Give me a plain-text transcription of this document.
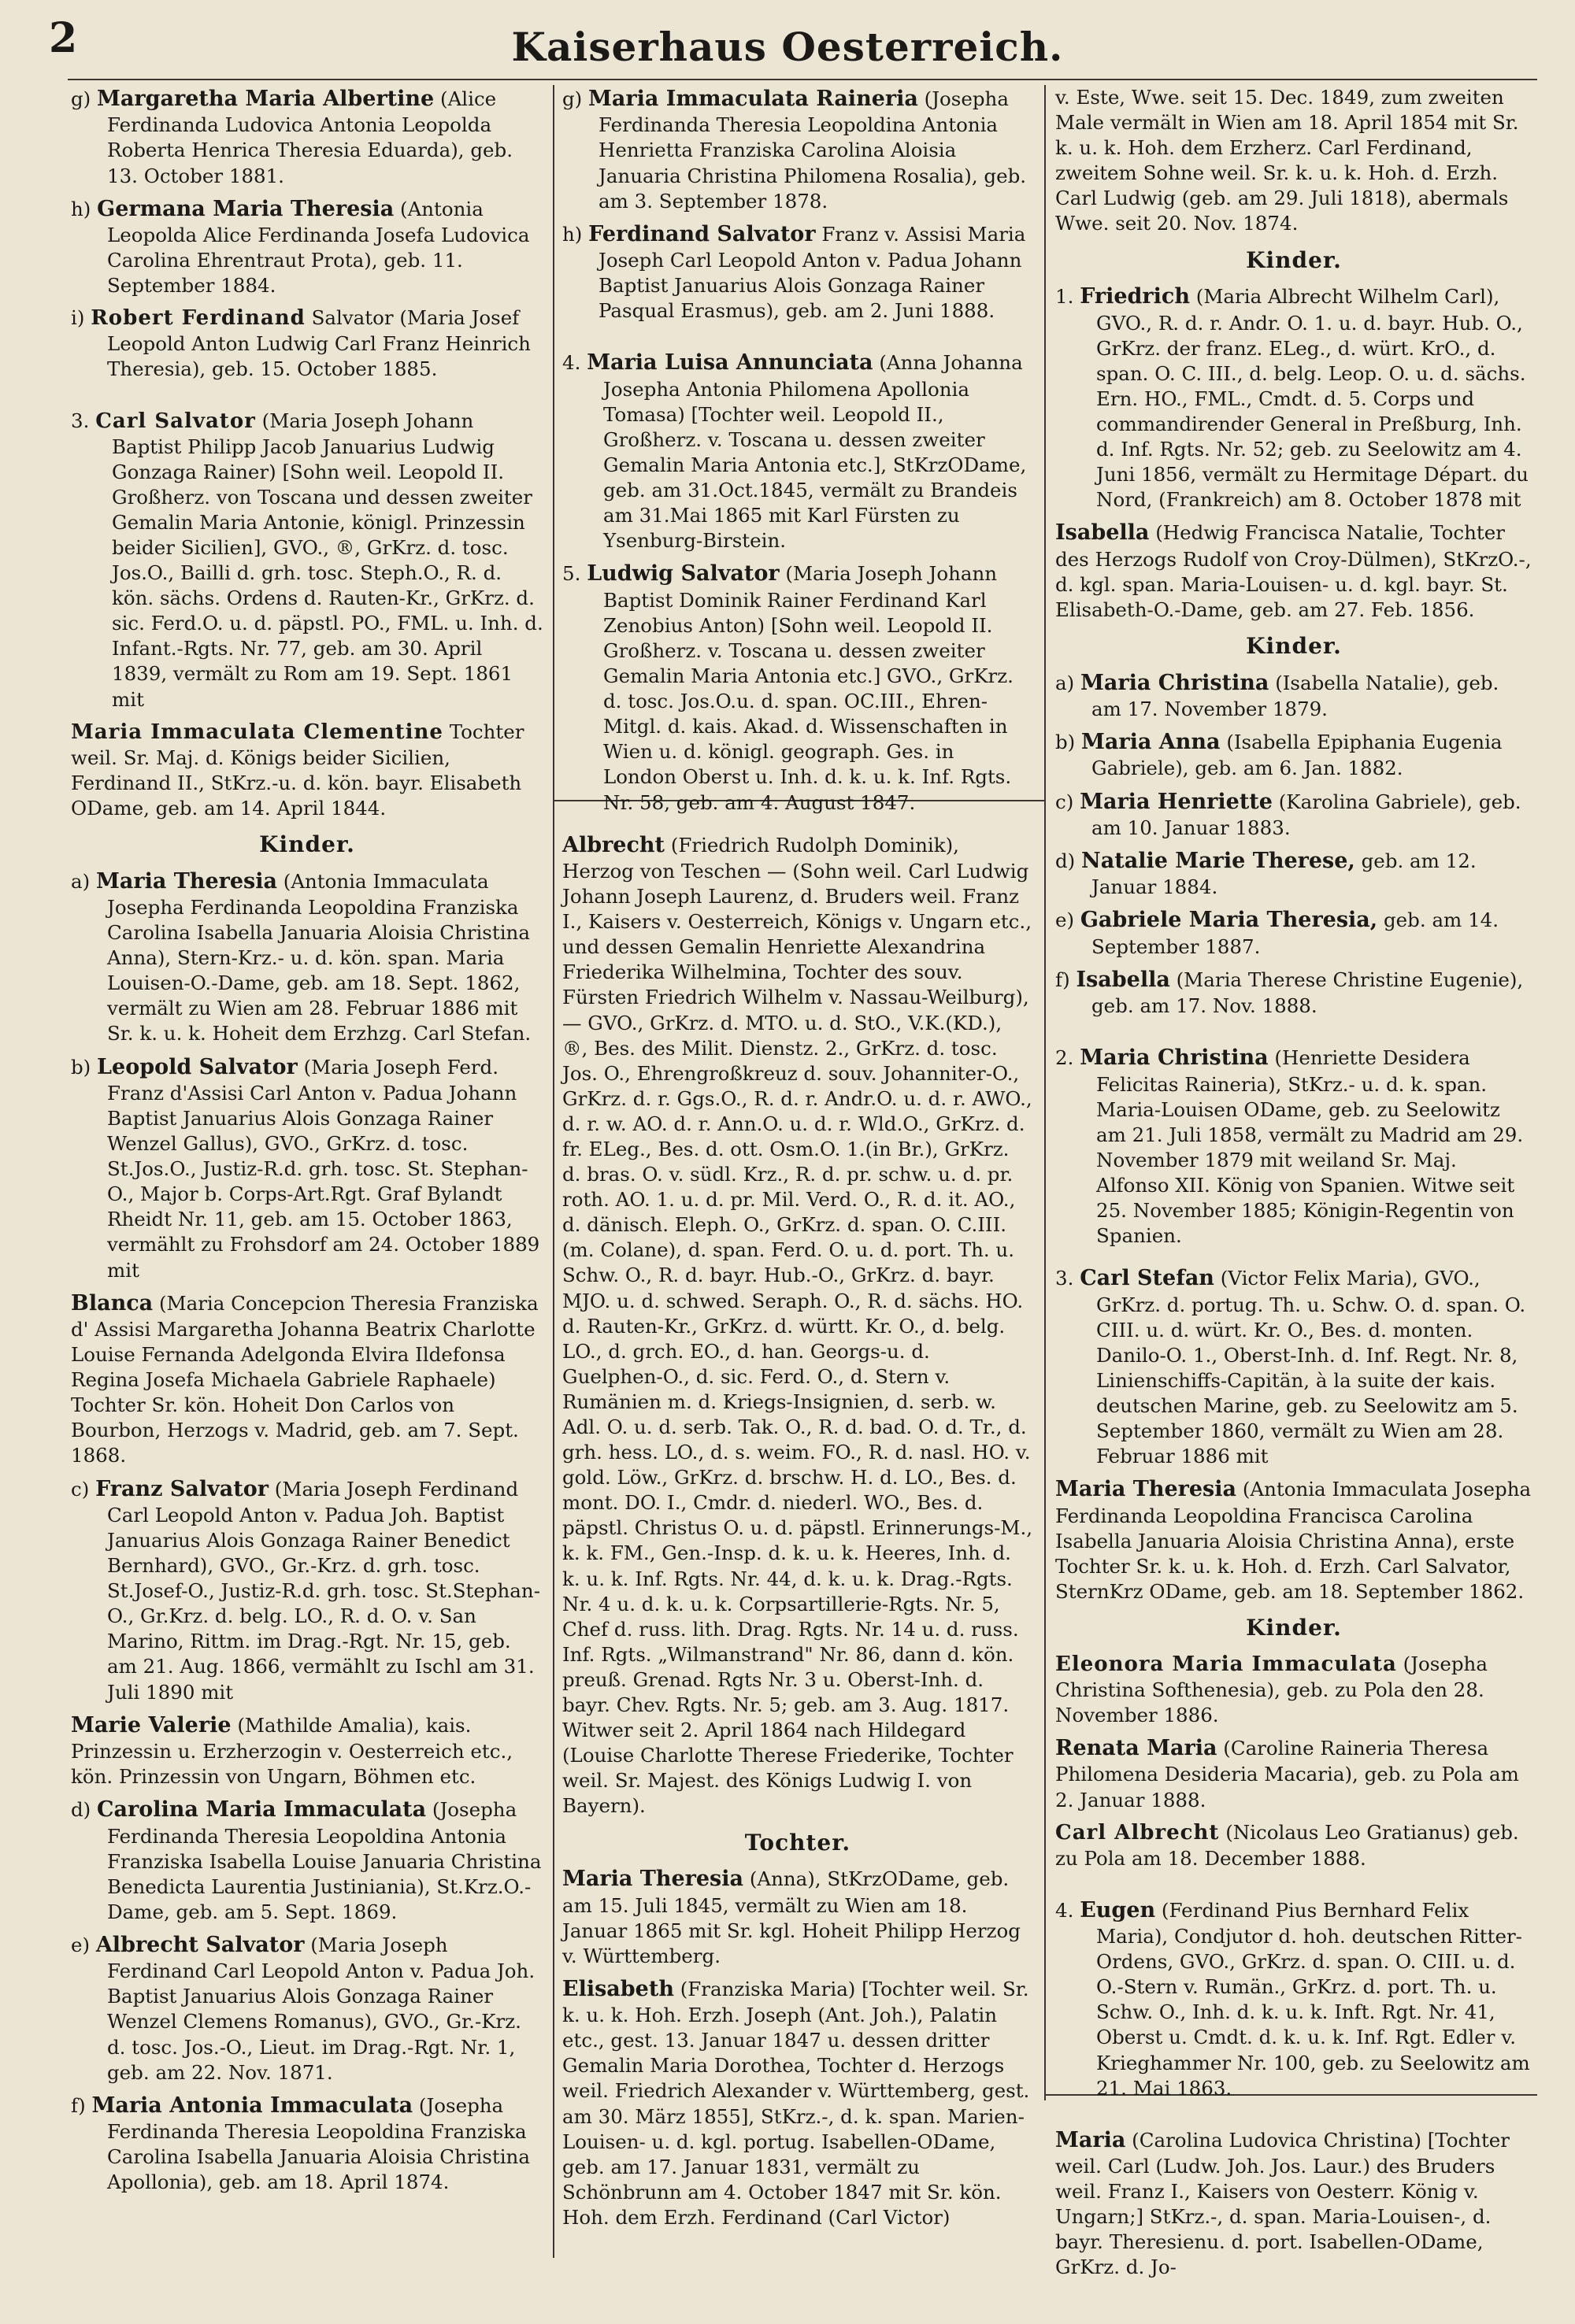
2	Kaiserhaus Oesterreich.

g) Margaretha Maria Albertine (Alice Ferdinanda Ludovica Antonia Leopolda Roberta Henrica Theresia Eduarda), geb. 13. October 1881.

h) Germana Maria Theresia (Antonia Leopolda Alice Ferdinanda Josefa Ludovica Carolina Ehrentraut Prota), geb. 11. September 1884.

i) Robert Ferdinand Salvator (Maria Josef Leopold Anton Ludwig Carl Franz Heinrich Theresia), geb. 15. October 1885.

3. Carl Salvator (Maria Joseph Johann Baptist Philipp Jacob Januarius Ludwig Gonzaga Rainer) [Sohn weil. Leopold II. Großherz. von Toscana und dessen zweiter Gemalin Maria Antonie, königl. Prinzessin beider Sicilien], GVO., ®, GrKrz. d. tosc. Jos.O., Bailli d. grh. tosc. Steph.O., R. d. kön. sächs. Ordens d. Rauten-Kr., GrKrz. d. sic. Ferd.O. u. d. päpstl. PO., FML. u. Inh. d. Infant.-Rgts. Nr. 77, geb. am 30. April 1839, vermält zu Rom am 19. Sept. 1861 mit

Maria Immaculata Clementine Tochter weil. Sr. Maj. d. Königs beider Sicilien, Ferdinand II., StKrz.-u. d. kön. bayr. Elisabeth ODame, geb. am 14. April 1844.

Kinder.

a) Maria Theresia (Antonia Immaculata Josepha Ferdinanda Leopoldina Franziska Carolina Isabella Januaria Aloisia Christina Anna), Stern-Krz.- u. d. kön. span. Maria Louisen-O.-Dame, geb. am 18. Sept. 1862, vermält zu Wien am 28. Februar 1886 mit Sr. k. u. k. Hoheit dem Erzhzg. Carl Stefan.

b) Leopold Salvator (Maria Joseph Ferd. Franz d'Assisi Carl Anton v. Padua Johann Baptist Januarius Alois Gonzaga Rainer Wenzel Gallus), GVO., GrKrz. d. tosc. St.Jos.O., Justiz-R.d. grh. tosc. St. Stephan-O., Major b. Corps-Art.Rgt. Graf Bylandt Rheidt Nr. 11, geb. am 15. October 1863, vermählt zu Frohsdorf am 24. October 1889 mit

Blanca (Maria Concepcion Theresia Franziska d' Assisi Margaretha Johanna Beatrix Charlotte Louise Fernanda Adelgonda Elvira Ildefonsa Regina Josefa Michaela Gabriele Raphaele) Tochter Sr. kön. Hoheit Don Carlos von Bourbon, Herzogs v. Madrid, geb. am 7. Sept. 1868.

c) Franz Salvator (Maria Joseph Ferdinand Carl Leopold Anton v. Padua Joh. Baptist Januarius Alois Gonzaga Rainer Benedict Bernhard), GVO., Gr.-Krz. d. grh. tosc. St.Josef-O., Justiz-R.d. grh. tosc. St.Stephan-O., Gr.Krz. d. belg. LO., R. d. O. v. San Marino, Rittm. im Drag.-Rgt. Nr. 15, geb. am 21. Aug. 1866, vermählt zu Ischl am 31. Juli 1890 mit

Marie Valerie (Mathilde Amalia), kais. Prinzessin u. Erzherzogin v. Oesterreich etc., kön. Prinzessin von Ungarn, Böhmen etc.

d) Carolina Maria Immaculata (Josepha Ferdinanda Theresia Leopoldina Antonia Franziska Isabella Louise Januaria Christina Benedicta Laurentia Justiniania), St.Krz.O.-Dame, geb. am 5. Sept. 1869.

e) Albrecht Salvator (Maria Joseph Ferdinand Carl Leopold Anton v. Padua Joh. Baptist Januarius Alois Gonzaga Rainer Wenzel Clemens Romanus), GVO., Gr.-Krz. d. tosc. Jos.-O., Lieut. im Drag.-Rgt. Nr. 1, geb. am 22. Nov. 1871.

f) Maria Antonia Immaculata (Josepha Ferdinanda Theresia Leopoldina Franziska Carolina Isabella Januaria Aloisia Christina Apollonia), geb. am 18. April 1874.

g) Maria Immaculata Raineria (Josepha Ferdinanda Theresia Leopoldina Antonia Henrietta Franziska Carolina Aloisia Januaria Christina Philomena Rosalia), geb. am 3. September 1878.

h) Ferdinand Salvator Franz v. Assisi Maria Joseph Carl Leopold Anton v. Padua Johann Baptist Januarius Alois Gonzaga Rainer Pasqual Erasmus), geb. am 2. Juni 1888.

4. Maria Luisa Annunciata (Anna Johanna Josepha Antonia Philomena Apollonia Tomasa) [Tochter weil. Leopold II., Großherz. v. Toscana u. dessen zweiter Gemalin Maria Antonia etc.], StKrzODame, geb. am 31.Oct.1845, vermält zu Brandeis am 31.Mai 1865 mit Karl Fürsten zu Ysenburg-Birstein.

5. Ludwig Salvator (Maria Joseph Johann Baptist Dominik Rainer Ferdinand Karl Zenobius Anton) [Sohn weil. Leopold II. Großherz. v. Toscana u. dessen zweiter Gemalin Maria Antonia etc.] GVO., GrKrz. d. tosc. Jos.O.u. d. span. OC.III., Ehren-Mitgl. d. kais. Akad. d. Wissenschaften in Wien u. d. königl. geograph. Ges. in London Oberst u. Inh. d. k. u. k. Inf. Rgts. Nr. 58, geb. am 4. August 1847.

Albrecht (Friedrich Rudolph Dominik), Herzog von Teschen — (Sohn weil. Carl Ludwig Johann Joseph Laurenz, d. Bruders weil. Franz I., Kaisers v. Oesterreich, Königs v. Ungarn etc., und dessen Gemalin Henriette Alexandrina Friederika Wilhelmina, Tochter des souv. Fürsten Friedrich Wilhelm v. Nassau-Weilburg), — GVO., GrKrz. d. MTO. u. d. StO., V.K.(KD.), ®, Bes. des Milit. Dienstz. 2., GrKrz. d. tosc. Jos. O., Ehrengroßkreuz d. souv. Johanniter-O., GrKrz. d. r. Ggs.O., R. d. r. Andr.O. u. d. r. AWO., d. r. w. AO. d. r. Ann.O. u. d. r. Wld.O., GrKrz. d. fr. ELeg., Bes. d. ott. Osm.O. 1.(in Br.), GrKrz. d. bras. O. v. südl. Krz., R. d. pr. schw. u. d. pr. roth. AO. 1. u. d. pr. Mil. Verd. O., R. d. it. AO., d. dänisch. Eleph. O., GrKrz. d. span. O. C.III. (m. Colane), d. span. Ferd. O. u. d. port. Th. u. Schw. O., R. d. bayr. Hub.-O., GrKrz. d. bayr. MJO. u. d. schwed. Seraph. O., R. d. sächs. HO. d. Rauten-Kr., GrKrz. d. württ. Kr. O., d. belg. LO., d. grch. EO., d. han. Georgs-u. d. Guelphen-O., d. sic. Ferd. O., d. Stern v. Rumänien m. d. Kriegs-Insignien, d. serb. w. Adl. O. u. d. serb. Tak. O., R. d. bad. O. d. Tr., d. grh. hess. LO., d. s. weim. FO., R. d. nasl. HO. v. gold. Löw., GrKrz. d. brschw. H. d. LO., Bes. d. mont. DO. I., Cmdr. d. niederl. WO., Bes. d. päpstl. Christus O. u. d. päpstl. Erinnerungs-M., k. k. FM., Gen.-Insp. d. k. u. k. Heeres, Inh. d. k. u. k. Inf. Rgts. Nr. 44, d. k. u. k. Drag.-Rgts. Nr. 4 u. d. k. u. k. Corpsartillerie-Rgts. Nr. 5, Chef d. russ. lith. Drag. Rgts. Nr. 14 u. d. russ. Inf. Rgts. „Wilmanstrand" Nr. 86, dann d. kön. preuß. Grenad. Rgts Nr. 3 u. Oberst-Inh. d. bayr. Chev. Rgts. Nr. 5; geb. am 3. Aug. 1817. Witwer seit 2. April 1864 nach Hildegard (Louise Charlotte Therese Friederike, Tochter weil. Sr. Majest. des Königs Ludwig I. von Bayern).

Tochter.

Maria Theresia (Anna), StKrzODame, geb. am 15. Juli 1845, vermält zu Wien am 18. Januar 1865 mit Sr. kgl. Hoheit Philipp Herzog v. Württemberg.

Elisabeth (Franziska Maria) [Tochter weil. Sr. k. u. k. Hoh. Erzh. Joseph (Ant. Joh.), Palatin etc., gest. 13. Januar 1847 u. dessen dritter Gemalin Maria Dorothea, Tochter d. Herzogs weil. Friedrich Alexander v. Württemberg, gest. am 30. März 1855], StKrz.-, d. k. span. Marien-Louisen- u. d. kgl. portug. Isabellen-ODame, geb. am 17. Januar 1831, vermält zu Schönbrunn am 4. October 1847 mit Sr. kön. Hoh. dem Erzh. Ferdinand (Carl Victor)

v. Este, Wwe. seit 15. Dec. 1849, zum zweiten Male vermält in Wien am 18. April 1854 mit Sr. k. u. k. Hoh. dem Erzherz. Carl Ferdinand, zweitem Sohne weil. Sr. k. u. k. Hoh. d. Erzh. Carl Ludwig (geb. am 29. Juli 1818), abermals Wwe. seit 20. Nov. 1874.

Kinder.

1. Friedrich (Maria Albrecht Wilhelm Carl), GVO., R. d. r. Andr. O. 1. u. d. bayr. Hub. O., GrKrz. der franz. ELeg., d. würt. KrO., d. span. O. C. III., d. belg. Leop. O. u. d. sächs. Ern. HO., FML., Cmdt. d. 5. Corps und commandirender General in Preßburg, Inh. d. Inf. Rgts. Nr. 52; geb. zu Seelowitz am 4. Juni 1856, vermält zu Hermitage Départ. du Nord, (Frankreich) am 8. October 1878 mit

Isabella (Hedwig Francisca Natalie, Tochter des Herzogs Rudolf von Croy-Dülmen), StKrzO.-, d. kgl. span. Maria-Louisen- u. d. kgl. bayr. St. Elisabeth-O.-Dame, geb. am 27. Feb. 1856.

Kinder.

a) Maria Christina (Isabella Natalie), geb. am 17. November 1879.

b) Maria Anna (Isabella Epiphania Eugenia Gabriele), geb. am 6. Jan. 1882.

c) Maria Henriette (Karolina Gabriele), geb. am 10. Januar 1883.

d) Natalie Marie Therese, geb. am 12. Januar 1884.

e) Gabriele Maria Theresia, geb. am 14. September 1887.

f) Isabella (Maria Therese Christine Eugenie), geb. am 17. Nov. 1888.

2. Maria Christina (Henriette Desidera Felicitas Raineria), StKrz.- u. d. k. span. Maria-Louisen ODame, geb. zu Seelowitz am 21. Juli 1858, vermält zu Madrid am 29. November 1879 mit weiland Sr. Maj. Alfonso XII. König von Spanien. Witwe seit 25. November 1885; Königin-Regentin von Spanien.

3. Carl Stefan (Victor Felix Maria), GVO., GrKrz. d. portug. Th. u. Schw. O. d. span. O. CIII. u. d. würt. Kr. O., Bes. d. monten. Danilo-O. 1., Oberst-Inh. d. Inf. Regt. Nr. 8, Linienschiffs-Capitän, à la suite der kais. deutschen Marine, geb. zu Seelowitz am 5. September 1860, vermält zu Wien am 28. Februar 1886 mit

Maria Theresia (Antonia Immaculata Josepha Ferdinanda Leopoldina Francisca Carolina Isabella Januaria Aloisia Christina Anna), erste Tochter Sr. k. u. k. Hoh. d. Erzh. Carl Salvator, SternKrz ODame, geb. am 18. September 1862.

Kinder.

Eleonora Maria Immaculata (Josepha Christina Softhenesia), geb. zu Pola den 28. November 1886.

Renata Maria (Caroline Raineria Theresa Philomena Desideria Macaria), geb. zu Pola am 2. Januar 1888.

Carl Albrecht (Nicolaus Leo Gratianus) geb. zu Pola am 18. December 1888.

4. Eugen (Ferdinand Pius Bernhard Felix Maria), Condjutor d. hoh. deutschen Ritter-Ordens, GVO., GrKrz. d. span. O. CIII. u. d. O.-Stern v. Rumän., GrKrz. d. port. Th. u. Schw. O., Inh. d. k. u. k. Inft. Rgt. Nr. 41, Oberst u. Cmdt. d. k. u. k. Inf. Rgt. Edler v. Krieghammer Nr. 100, geb. zu Seelowitz am 21. Mai 1863.

Maria (Carolina Ludovica Christina) [Tochter weil. Carl (Ludw. Joh. Jos. Laur.) des Bruders weil. Franz I., Kaisers von Oesterr. König v. Ungarn;] StKrz.-, d. span. Maria-Louisen-, d. bayr. Theresienu. d. port. Isabellen-ODame, GrKrz. d. Jo-
